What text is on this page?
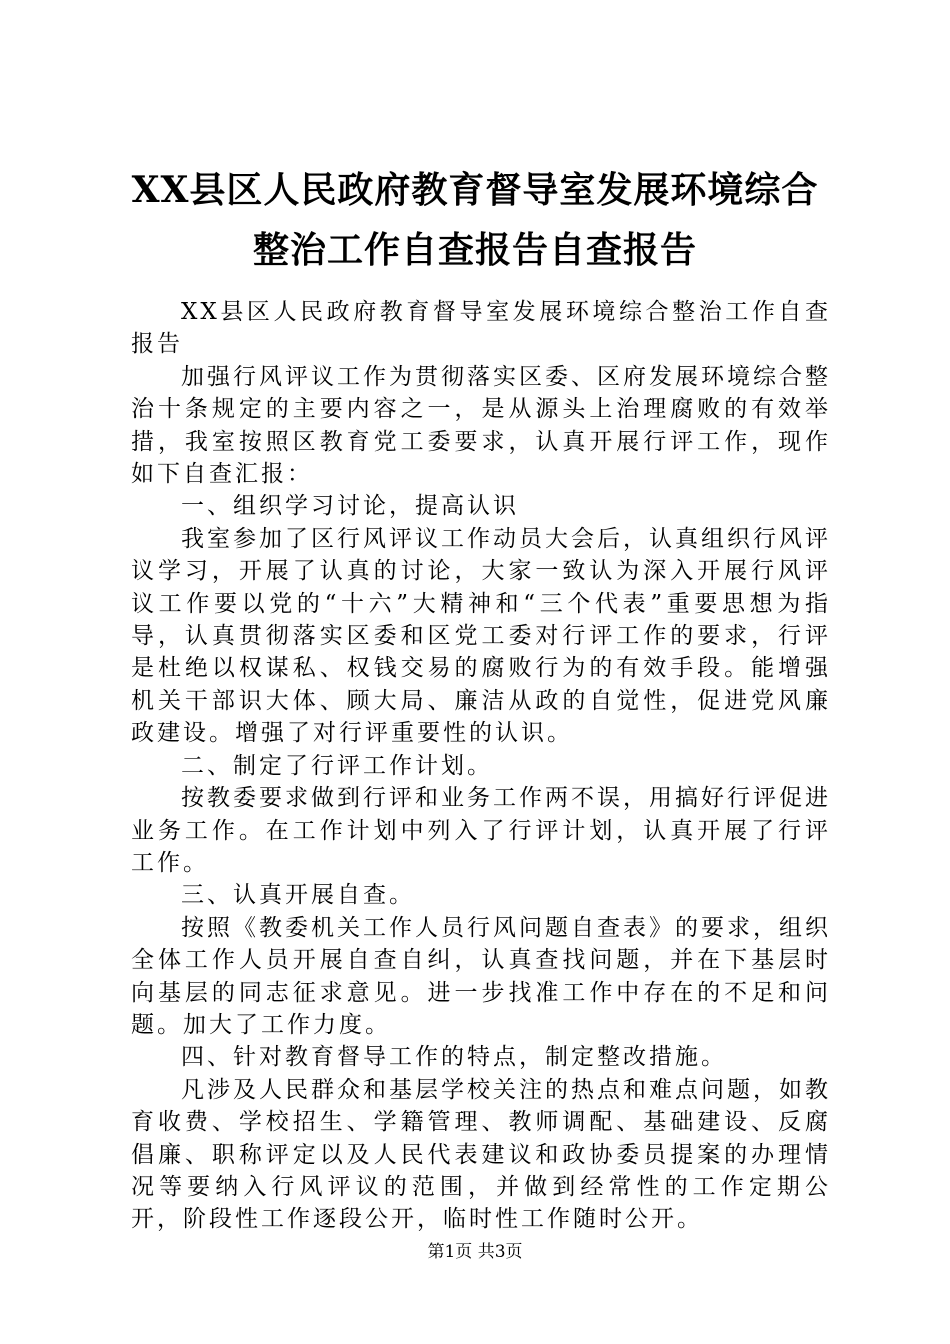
XX县区人民政府教育督导室发展环境综合整治工作自查报告自查报告

XX县区人民政府教育督导室发展环境综合整治工作自查报告

加强行风评议工作为贯彻落实区委、区府发展环境综合整治十条规定的主要内容之一，是从源头上治理腐败的有效举措，我室按照区教育党工委要求，认真开展行评工作，现作如下自查汇报：

一、组织学习讨论，提高认识

我室参加了区行风评议工作动员大会后，认真组织行风评议学习，开展了认真的讨论，大家一致认为深入开展行风评议工作要以党的“十六”大精神和“三个代表”重要思想为指导，认真贯彻落实区委和区党工委对行评工作的要求，行评是杜绝以权谋私、权钱交易的腐败行为的有效手段。能增强机关干部识大体、顾大局、廉洁从政的自觉性，促进党风廉政建设。增强了对行评重要性的认识。

二、制定了行评工作计划。

按教委要求做到行评和业务工作两不误，用搞好行评促进业务工作。在工作计划中列入了行评计划，认真开展了行评工作。

三、认真开展自查。

按照《教委机关工作人员行风问题自查表》的要求，组织全体工作人员开展自查自纠，认真查找问题，并在下基层时向基层的同志征求意见。进一步找准工作中存在的不足和问题。加大了工作力度。

四、针对教育督导工作的特点，制定整改措施。

凡涉及人民群众和基层学校关注的热点和难点问题，如教育收费、学校招生、学籍管理、教师调配、基础建设、反腐倡廉、职称评定以及人民代表建议和政协委员提案的办理情况等要纳入行风评议的范围，并做到经常性的工作定期公开，阶段性工作逐段公开，临时性工作随时公开。

第1页 共3页
